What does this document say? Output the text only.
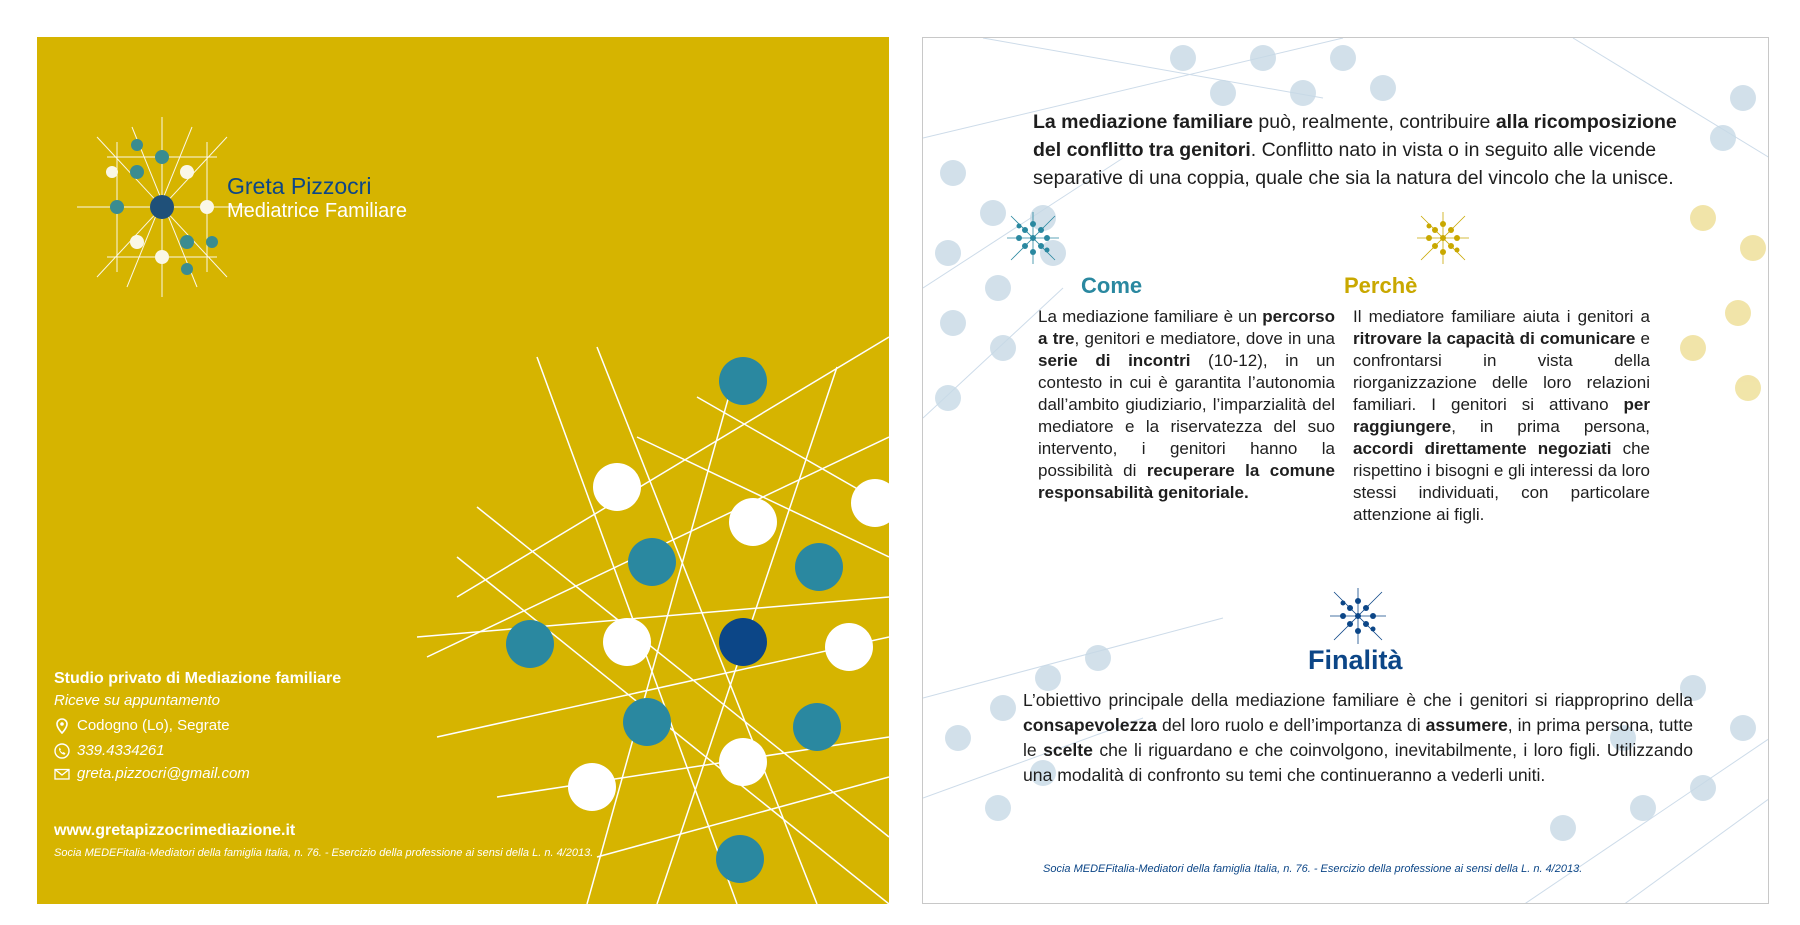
Greta Pizzocri
Mediatrice Familiare
Studio privato di Mediazione familiare
Riceve su appuntamento
Codogno (Lo), Segrate
339.4334261
greta.pizzocri@gmail.com
www.gretapizzocrimediazione.it
Socia MEDEFitalia-Mediatori della famiglia Italia, n. 76. - Esercizio della professione ai sensi della L. n. 4/2013.
La mediazione familiare può, realmente, contribuire alla ricomposizione del conflitto tra genitori. Conflitto nato in vista o in seguito alle vicende separative di una coppia, quale che sia la natura del vincolo che la unisce.
Come
La mediazione familiare è un percorso a tre, genitori e mediatore, dove in una serie di incontri (10-12), in un contesto in cui è garantita l’autonomia dall’ambito giudiziario, l’imparzialità del mediatore e la riservatezza del suo intervento, i genitori hanno la possibilità di recuperare la comune responsabilità genitoriale.
Perchè
Il mediatore familiare aiuta i genitori a ritrovare la capacità di comunicare e confrontarsi in vista della riorganizzazione delle loro relazioni familiari. I genitori si attivano per raggiungere, in prima persona, accordi direttamente negoziati che rispettino i bisogni e gli interessi da loro stessi individuati, con particolare attenzione ai figli.
Finalità
L’obiettivo principale della mediazione familiare è che i genitori si riapproprino della consapevolezza del loro ruolo e dell’importanza di assumere, in prima persona, tutte le scelte che li riguardano e che coinvolgono, inevitabilmente, i loro figli. Utilizzando una modalità di confronto su temi che continueranno a vederli uniti.
Socia MEDEFitalia-Mediatori della famiglia Italia, n. 76. - Esercizio della professione ai sensi della L. n. 4/2013.
